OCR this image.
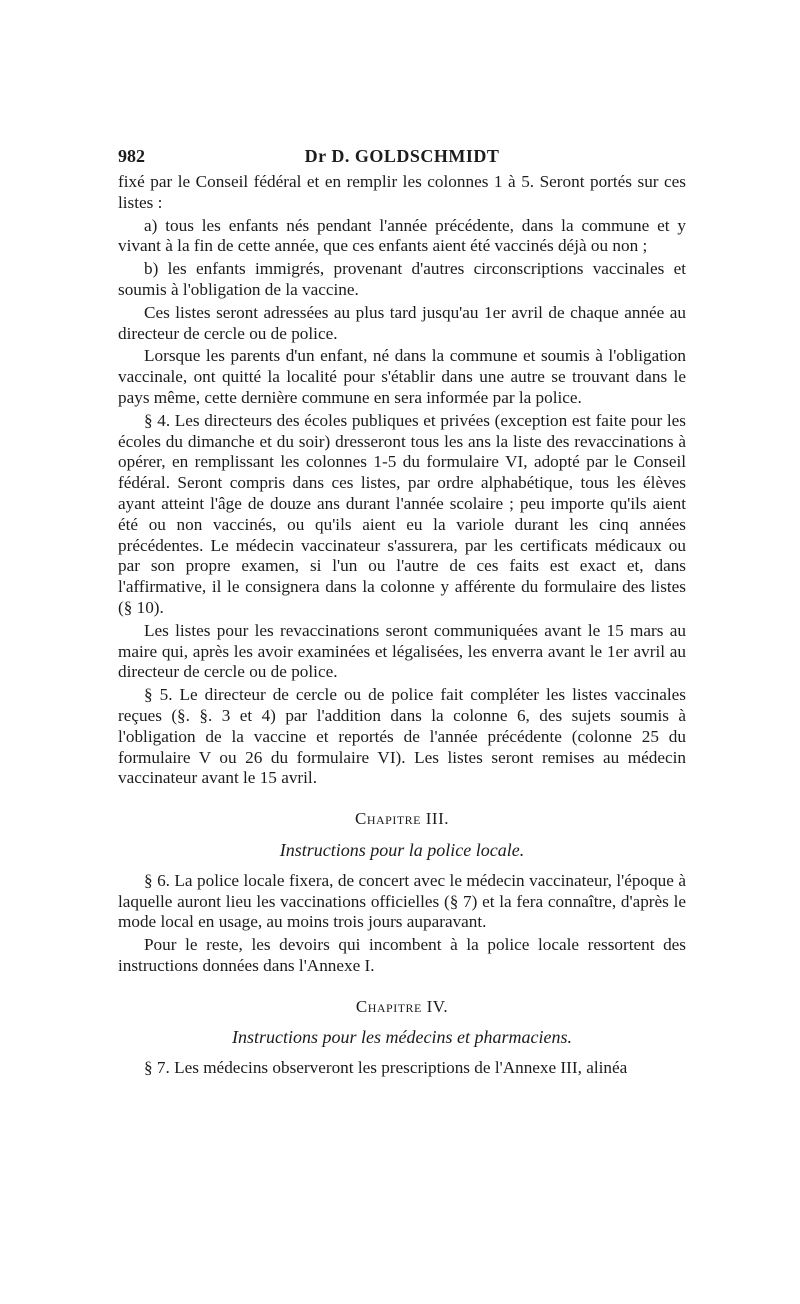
982	Dr D. GOLDSCHMIDT

fixé par le Conseil fédéral et en remplir les colonnes 1 à 5. Seront portés sur ces listes :

a) tous les enfants nés pendant l'année précédente, dans la commune et y vivant à la fin de cette année, que ces enfants aient été vaccinés déjà ou non ;

b) les enfants immigrés, provenant d'autres circonscriptions vaccinales et soumis à l'obligation de la vaccine.

Ces listes seront adressées au plus tard jusqu'au 1er avril de chaque année au directeur de cercle ou de police.

Lorsque les parents d'un enfant, né dans la commune et soumis à l'obligation vaccinale, ont quitté la localité pour s'établir dans une autre se trouvant dans le pays même, cette dernière commune en sera informée par la police.

§ 4. Les directeurs des écoles publiques et privées (exception est faite pour les écoles du dimanche et du soir) dresseront tous les ans la liste des revaccinations à opérer, en remplissant les colonnes 1-5 du formulaire VI, adopté par le Conseil fédéral. Seront compris dans ces listes, par ordre alphabétique, tous les élèves ayant atteint l'âge de douze ans durant l'année scolaire ; peu importe qu'ils aient été ou non vaccinés, ou qu'ils aient eu la variole durant les cinq années précédentes. Le médecin vaccinateur s'assurera, par les certificats médicaux ou par son propre examen, si l'un ou l'autre de ces faits est exact et, dans l'affirmative, il le consignera dans la colonne y afférente du formulaire des listes (§ 10).

Les listes pour les revaccinations seront communiquées avant le 15 mars au maire qui, après les avoir examinées et légalisées, les enverra avant le 1er avril au directeur de cercle ou de police.

§ 5. Le directeur de cercle ou de police fait compléter les listes vaccinales reçues (§. §. 3 et 4) par l'addition dans la colonne 6, des sujets soumis à l'obligation de la vaccine et reportés de l'année précédente (colonne 25 du formulaire V ou 26 du formulaire VI). Les listes seront remises au médecin vaccinateur avant le 15 avril.

Chapitre III.
Instructions pour la police locale.

§ 6. La police locale fixera, de concert avec le médecin vaccinateur, l'époque à laquelle auront lieu les vaccinations officielles (§ 7) et la fera connaître, d'après le mode local en usage, au moins trois jours auparavant.

Pour le reste, les devoirs qui incombent à la police locale ressortent des instructions données dans l'Annexe I.

Chapitre IV.
Instructions pour les médecins et pharmaciens.

§ 7. Les médecins observeront les prescriptions de l'Annexe III, alinéa
